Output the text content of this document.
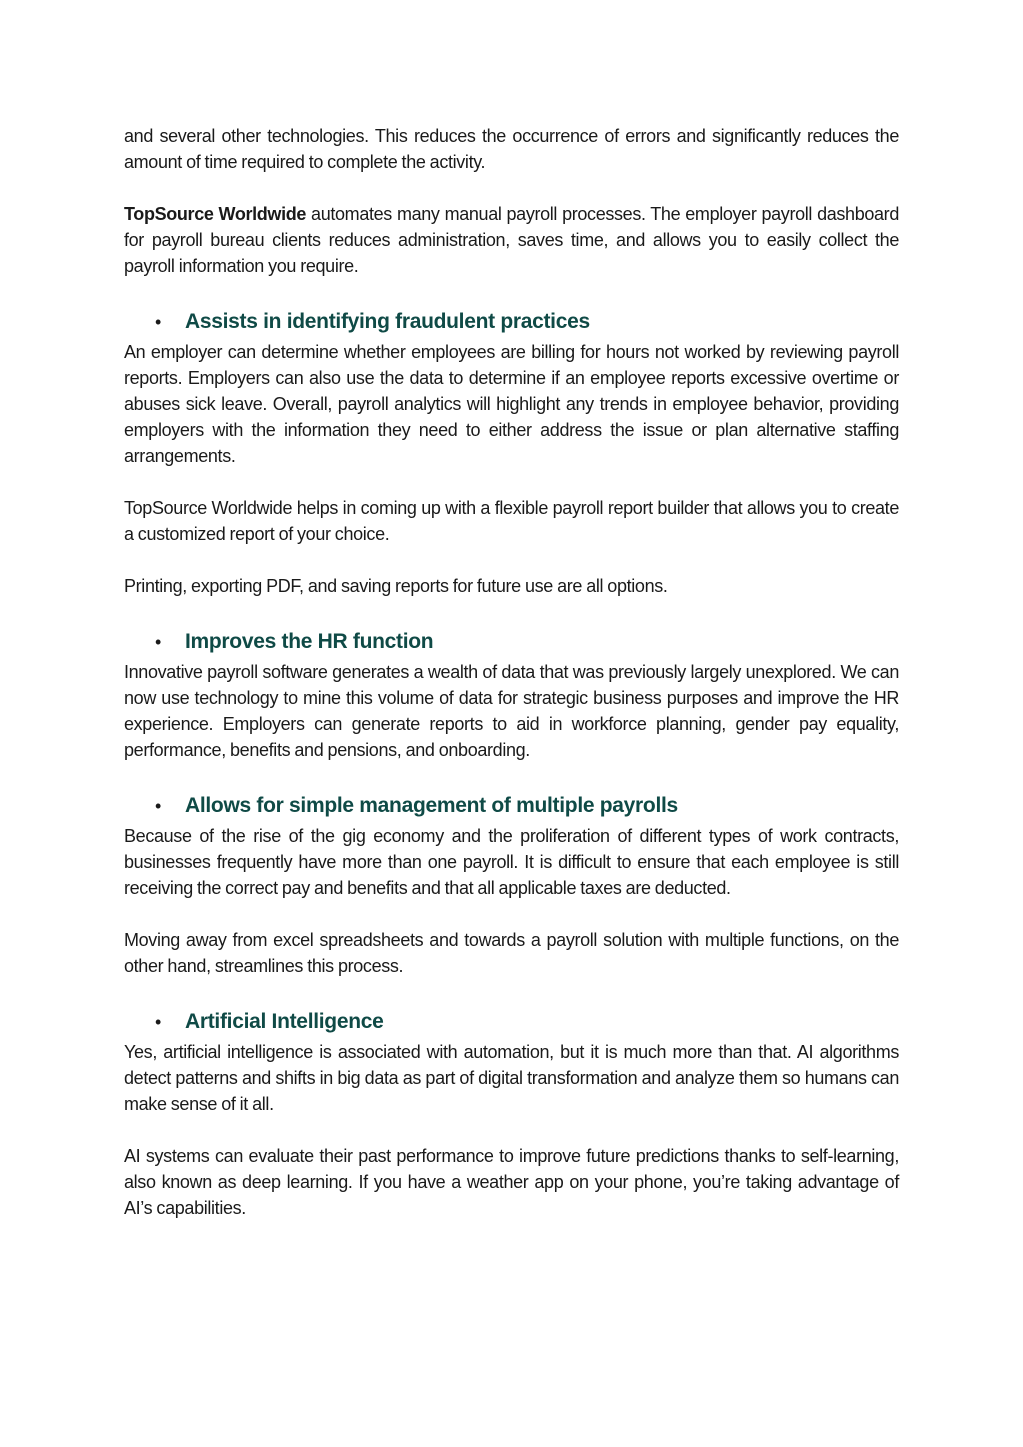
and several other technologies. This reduces the occurrence of errors and significantly reduces the amount of time required to complete the activity.

TopSource Worldwide automates many manual payroll processes. The employer payroll dashboard for payroll bureau clients reduces administration, saves time, and allows you to easily collect the payroll information you require.

•	Assists in identifying fraudulent practices

An employer can determine whether employees are billing for hours not worked by reviewing payroll reports. Employers can also use the data to determine if an employee reports excessive overtime or abuses sick leave. Overall, payroll analytics will highlight any trends in employee behavior, providing employers with the information they need to either address the issue or plan alternative staffing arrangements.

TopSource Worldwide helps in coming up with a flexible payroll report builder that allows you to create a customized report of your choice.

Printing, exporting PDF, and saving reports for future use are all options.

•	Improves the HR function

Innovative payroll software generates a wealth of data that was previously largely unexplored. We can now use technology to mine this volume of data for strategic business purposes and improve the HR experience. Employers can generate reports to aid in workforce planning, gender pay equality, performance, benefits and pensions, and onboarding.

•	Allows for simple management of multiple payrolls

Because of the rise of the gig economy and the proliferation of different types of work contracts, businesses frequently have more than one payroll. It is difficult to ensure that each employee is still receiving the correct pay and benefits and that all applicable taxes are deducted.

Moving away from excel spreadsheets and towards a payroll solution with multiple functions, on the other hand, streamlines this process.

•	Artificial Intelligence

Yes, artificial intelligence is associated with automation, but it is much more than that. AI algorithms detect patterns and shifts in big data as part of digital transformation and analyze them so humans can make sense of it all.

AI systems can evaluate their past performance to improve future predictions thanks to self-learning, also known as deep learning. If you have a weather app on your phone, you’re taking advantage of AI’s capabilities.
